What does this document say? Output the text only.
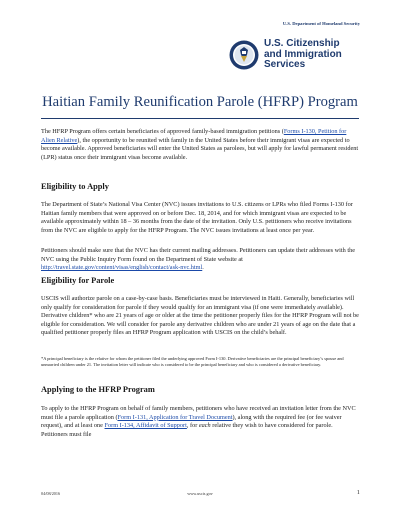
U.S. Department of Homeland Security
U.S. Citizenship
and Immigration
Services
Haitian Family Reunification Parole (HFRP) Program

The HFRP Program offers certain beneficiaries of approved family-based immigration petitions (Forms I-130, Petition for Alien Relative), the opportunity to be reunited with family in the United States before their immigrant visas are expected to become available. Approved beneficiaries will enter the United States as parolees, but will apply for lawful permanent resident (LPR) status once their immigrant visas become available.

Eligibility to Apply

The Department of State’s National Visa Center (NVC) issues invitations to U.S. citizens or LPRs who filed Forms I-130 for Haitian family members that were approved on or before Dec. 18, 2014, and for which immigrant visas are expected to be available approximately within 18 – 36 months from the date of the invitation. Only U.S. petitioners who receive invitations from the NVC are eligible to apply for the HFRP Program. The NVC issues invitations at least once per year.

Petitioners should make sure that the NVC has their current mailing addresses. Petitioners can update their addresses with the NVC using the Public Inquiry Form found on the Department of State website at http://travel.state.gov/content/visas/english/contact/ask-nvc.html.

Eligibility for Parole

USCIS will authorize parole on a case-by-case basis. Beneficiaries must be interviewed in Haiti. Generally, beneficiaries will only qualify for consideration for parole if they would qualify for an immigrant visa (if one were immediately available). Derivative children* who are 21 years of age or older at the time the petitioner properly files for the HFRP Program will not be eligible for consideration. We will consider for parole any derivative children who are under 21 years of age on the date that a qualified petitioner properly files an HFRP Program application with USCIS on the child’s behalf.

*A principal beneficiary is the relative for whom the petitioner filed the underlying approved Form I-130. Derivative beneficiaries are the principal beneficiary’s spouse and unmarried children under 21. The invitation letter will indicate who is considered to be the principal beneficiary and who is considered a derivative beneficiary.
Applying to the HFRP Program

To apply to the HFRP Program on behalf of family members, petitioners who have received an invitation letter from the NVC must file a parole application (Form I-131, Application for Travel Document), along with the required fee (or fee waiver request), and at least one Form I-134, Affidavit of Support, for each relative they wish to have considered for parole. Petitioners must file

04/08/2016	www.uscis.gov	1
